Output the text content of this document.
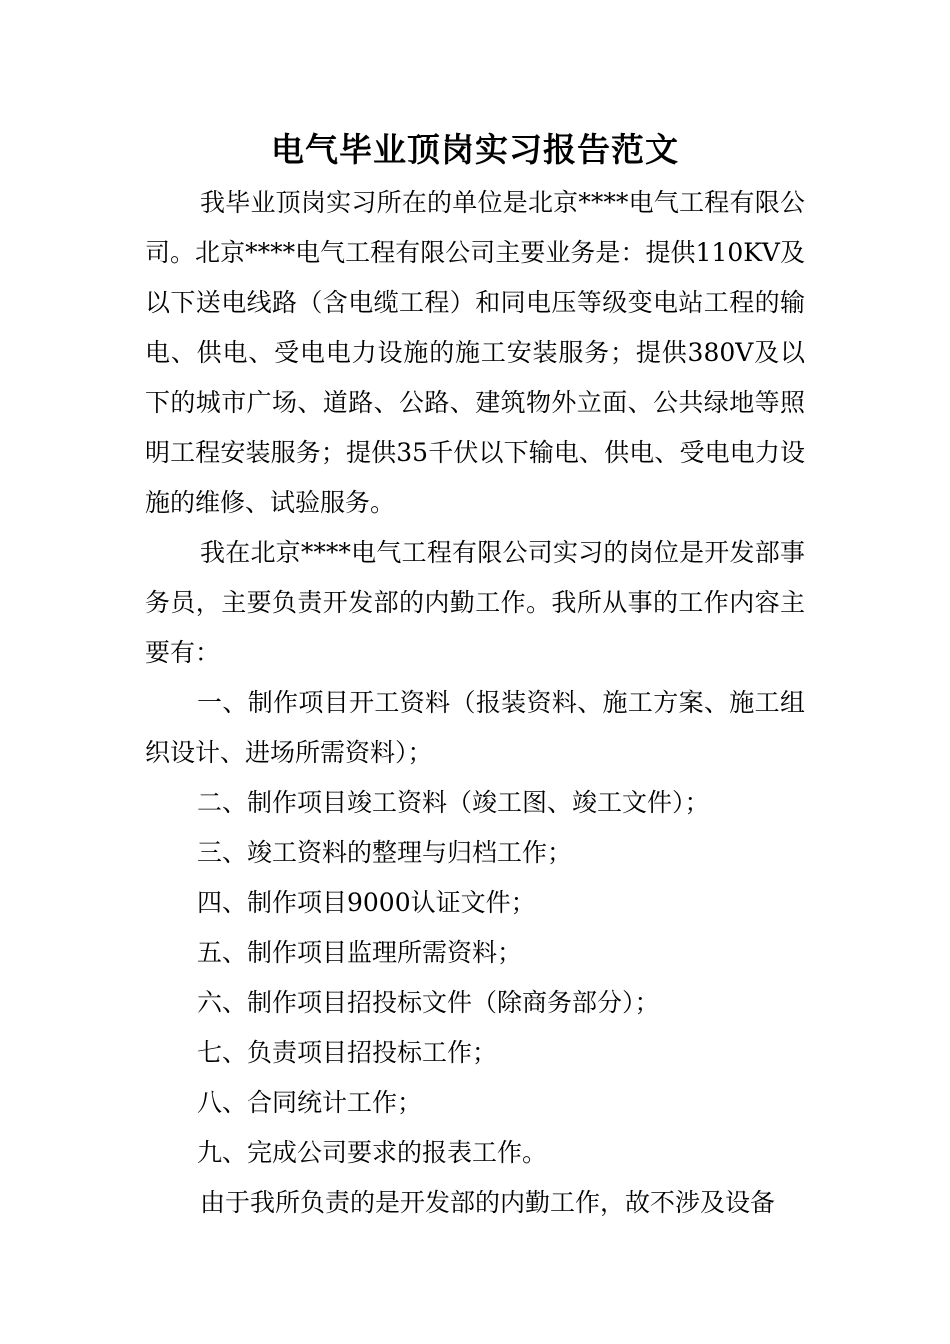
电气毕业顶岗实习报告范文

我毕业顶岗实习所在的单位是北京****电气工程有限公司。北京****电气工程有限公司主要业务是：提供110KV及以下送电线路（含电缆工程）和同电压等级变电站工程的输电、供电、受电电力设施的施工安装服务；提供380V及以下的城市广场、道路、公路、建筑物外立面、公共绿地等照明工程安装服务；提供35千伏以下输电、供电、受电电力设施的维修、试验服务。

我在北京****电气工程有限公司实习的岗位是开发部事务员，主要负责开发部的内勤工作。我所从事的工作内容主要有：

一、制作项目开工资料（报装资料、施工方案、施工组织设计、进场所需资料）；

二、制作项目竣工资料（竣工图、竣工文件）；

三、竣工资料的整理与归档工作；

四、制作项目9000认证文件；

五、制作项目监理所需资料；

六、制作项目招投标文件（除商务部分）；

七、负责项目招投标工作；

八、合同统计工作；

九、完成公司要求的报表工作。

由于我所负责的是开发部的内勤工作，故不涉及设备
